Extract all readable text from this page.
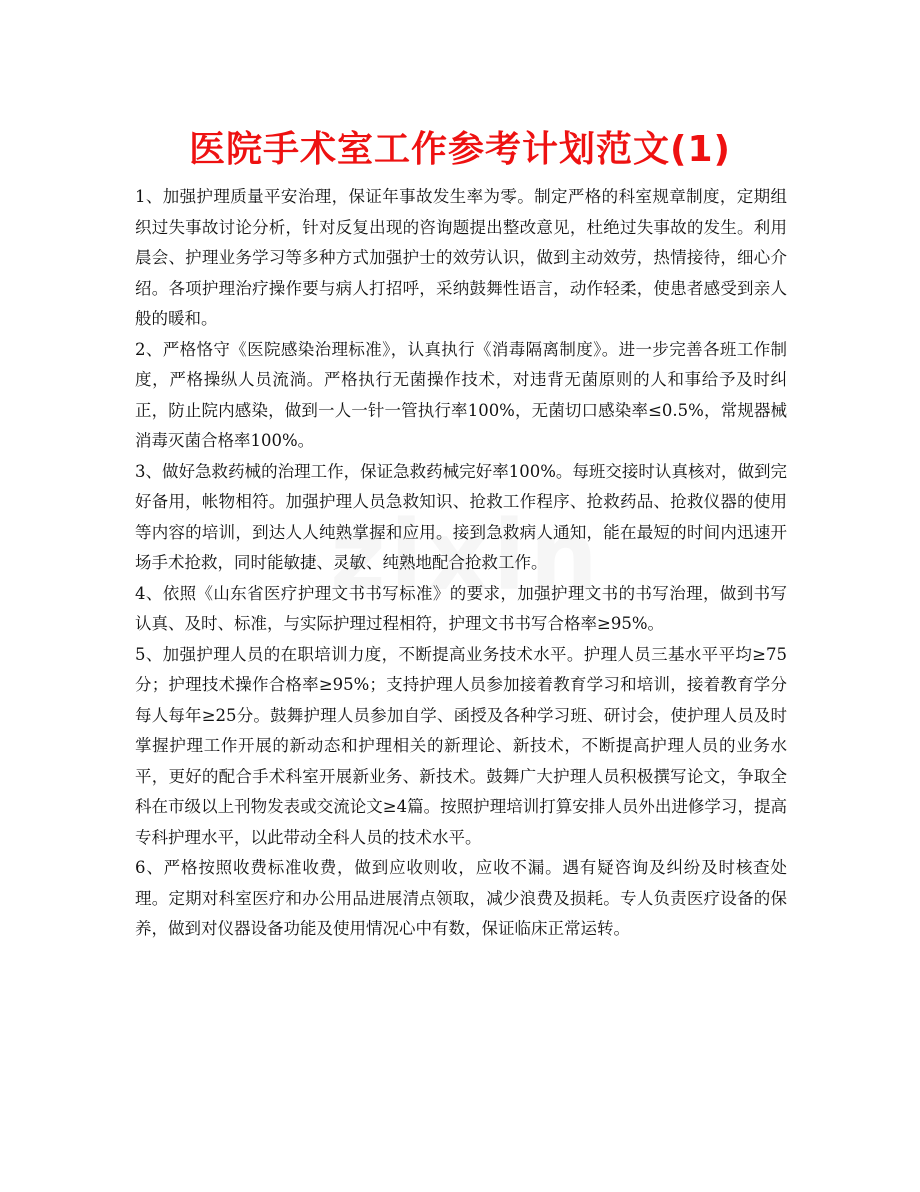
医院手术室工作参考计划范文(1)

1、加强护理质量平安治理，保证年事故发生率为零。制定严格的科室规章制度，定期组织过失事故讨论分析，针对反复出现的咨询题提出整改意见，杜绝过失事故的发生。利用晨会、护理业务学习等多种方式加强护士的效劳认识，做到主动效劳，热情接待，细心介绍。各项护理治疗操作要与病人打招呼，采纳鼓舞性语言，动作轻柔，使患者感受到亲人般的暖和。

2、严格恪守《医院感染治理标准》，认真执行《消毒隔离制度》。进一步完善各班工作制度，严格操纵人员流淌。严格执行无菌操作技术，对违背无菌原则的人和事给予及时纠正，防止院内感染，做到一人一针一管执行率100%，无菌切口感染率≤0.5%，常规器械消毒灭菌合格率100%。

3、做好急救药械的治理工作，保证急救药械完好率100%。每班交接时认真核对，做到完好备用，帐物相符。加强护理人员急救知识、抢救工作程序、抢救药品、抢救仪器的使用等内容的培训，到达人人纯熟掌握和应用。接到急救病人通知，能在最短的时间内迅速开场手术抢救，同时能敏捷、灵敏、纯熟地配合抢救工作。

4、依照《山东省医疗护理文书书写标准》的要求，加强护理文书的书写治理，做到书写认真、及时、标准，与实际护理过程相符，护理文书书写合格率≥95%。

5、加强护理人员的在职培训力度，不断提高业务技术水平。护理人员三基水平平均≥75分；护理技术操作合格率≥95%；支持护理人员参加接着教育学习和培训，接着教育学分每人每年≥25分。鼓舞护理人员参加自学、函授及各种学习班、研讨会，使护理人员及时掌握护理工作开展的新动态和护理相关的新理论、新技术，不断提高护理人员的业务水平，更好的配合手术科室开展新业务、新技术。鼓舞广大护理人员积极撰写论文，争取全科在市级以上刊物发表或交流论文≥4篇。按照护理培训打算安排人员外出进修学习，提高专科护理水平，以此带动全科人员的技术水平。

6、严格按照收费标准收费，做到应收则收，应收不漏。遇有疑咨询及纠纷及时核查处理。定期对科室医疗和办公用品进展清点领取，减少浪费及损耗。专人负责医疗设备的保养，做到对仪器设备功能及使用情况心中有数，保证临床正常运转。
